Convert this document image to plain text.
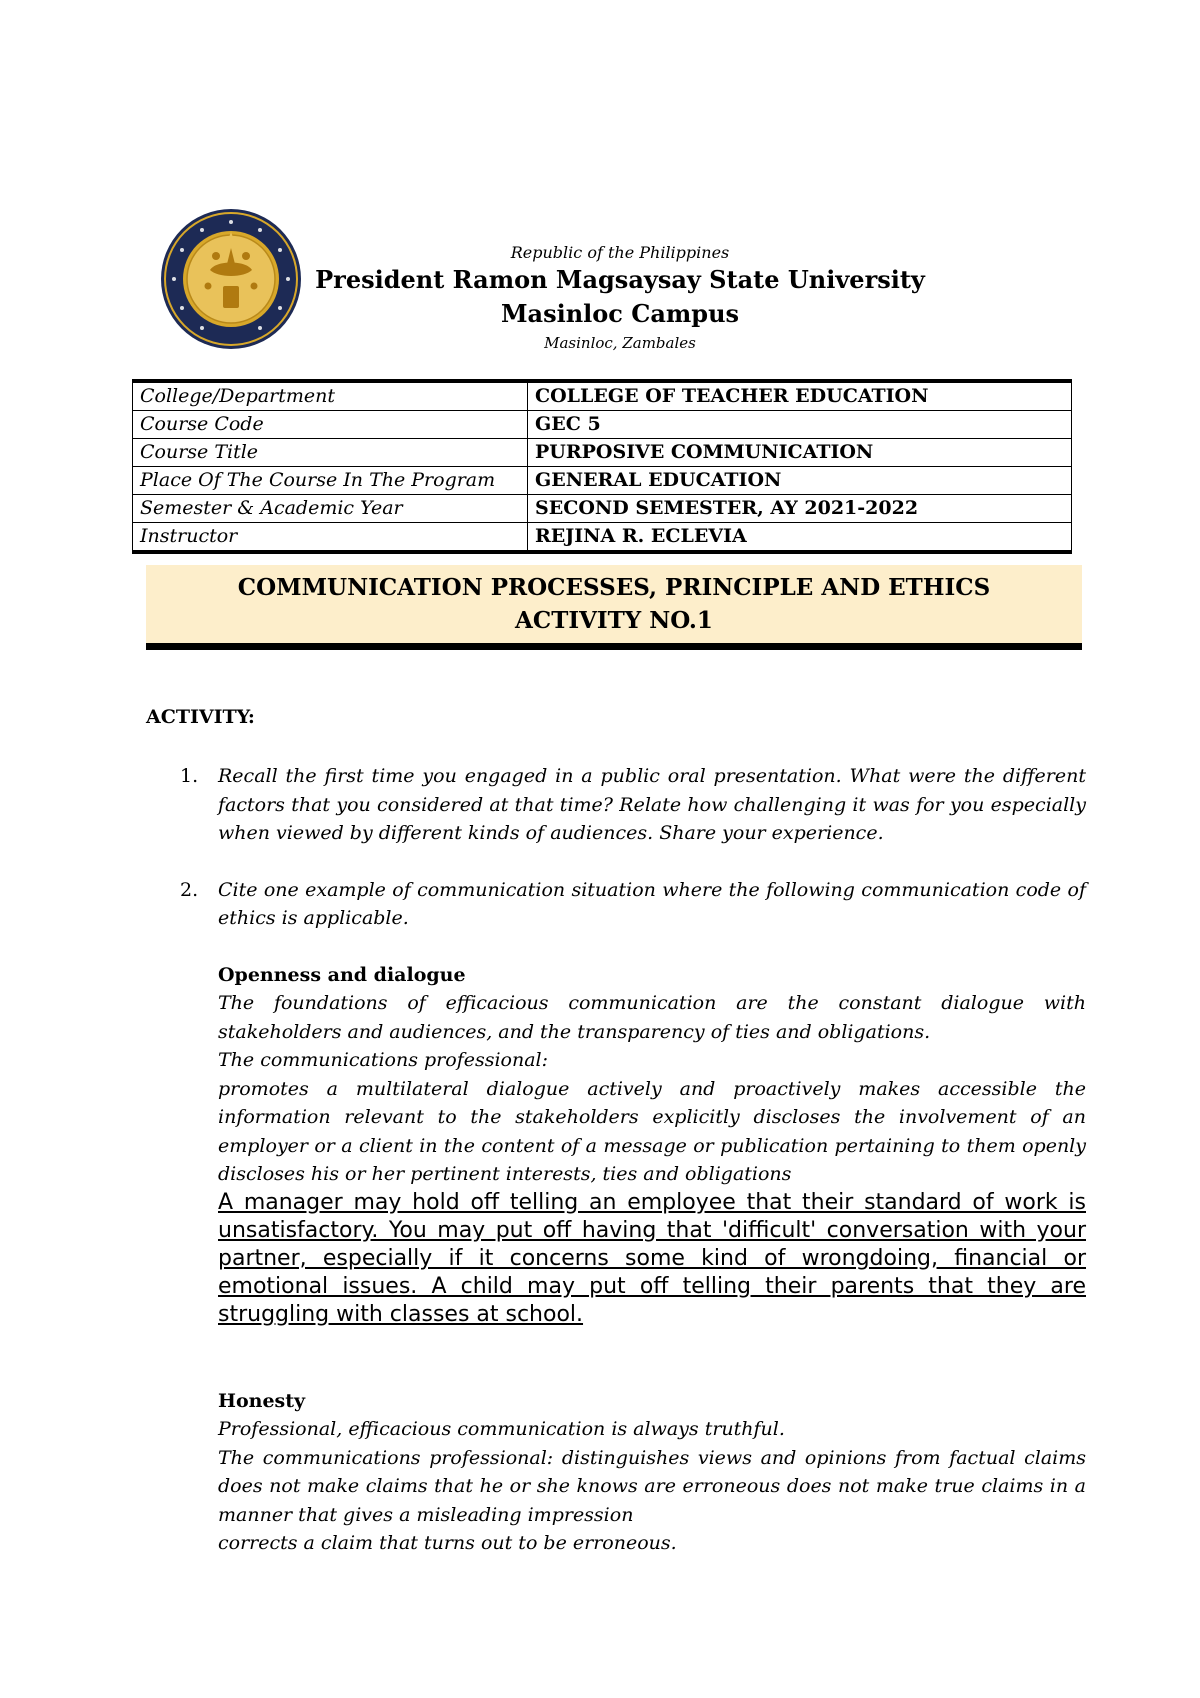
Republic of the Philippines
President Ramon Magsaysay State University
Masinloc Campus
Masinloc, Zambales
College/Department	COLLEGE OF TEACHER EDUCATION
Course Code	GEC 5
Course Title	PURPOSIVE COMMUNICATION
Place Of The Course In The Program	GENERAL EDUCATION
Semester & Academic Year	SECOND SEMESTER, AY 2021-2022
Instructor	REJINA R. ECLEVIA
COMMUNICATION PROCESSES, PRINCIPLE AND ETHICS
ACTIVITY NO.1
ACTIVITY:
1. Recall the first time you engaged in a public oral presentation. What were the different factors that you considered at that time? Relate how challenging it was for you especially when viewed by different kinds of audiences. Share your experience.
2. Cite one example of communication situation where the following communication code of ethics is applicable.
Openness and dialogue

The foundations of efficacious communication are the constant dialogue with stakeholders and audiences, and the transparency of ties and obligations.

The communications professional:

promotes a multilateral dialogue actively and proactively makes accessible the information relevant to the stakeholders explicitly discloses the involvement of an employer or a client in the content of a message or publication pertaining to them openly discloses his or her pertinent interests, ties and obligations

A manager may hold off telling an employee that their standard of work is unsatisfactory. You may put off having that 'difficult' conversation with your partner, especially if it concerns some kind of wrongdoing, financial or emotional issues. A child may put off telling their parents that they are struggling with classes at school.

Honesty

Professional, efficacious communication is always truthful.

The communications professional: distinguishes views and opinions from factual claims does not make claims that he or she knows are erroneous does not make true claims in a manner that gives a misleading impression

corrects a claim that turns out to be erroneous.
